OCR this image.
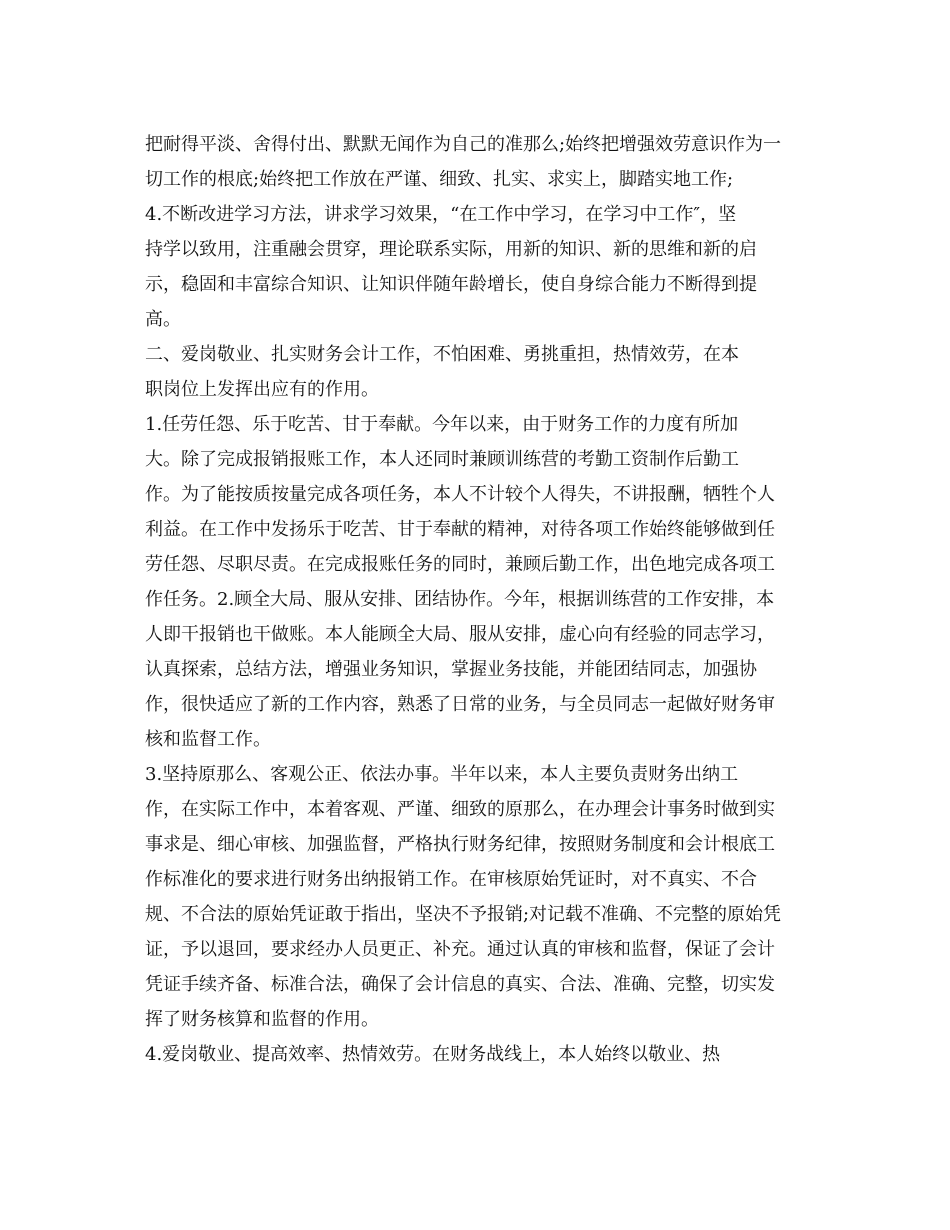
把耐得平淡、舍得付出、默默无闻作为自己的准那么;始终把增强效劳意识作为一
切工作的根底;始终把工作放在严谨、细致、扎实、求实上，脚踏实地工作;
4.不断改进学习方法，讲求学习效果，“在工作中学习，在学习中工作″，坚
持学以致用，注重融会贯穿，理论联系实际，用新的知识、新的思维和新的启
示，稳固和丰富综合知识、让知识伴随年龄增长，使自身综合能力不断得到提
高。
二、爱岗敬业、扎实财务会计工作，不怕困难、勇挑重担，热情效劳，在本
职岗位上发挥出应有的作用。
1.任劳任怨、乐于吃苦、甘于奉献。今年以来，由于财务工作的力度有所加
大。除了完成报销报账工作，本人还同时兼顾训练营的考勤工资制作后勤工
作。为了能按质按量完成各项任务，本人不计较个人得失，不讲报酬，牺牲个人
利益。在工作中发扬乐于吃苦、甘于奉献的精神，对待各项工作始终能够做到任
劳任怨、尽职尽责。在完成报账任务的同时，兼顾后勤工作，出色地完成各项工
作任务。2.顾全大局、服从安排、团结协作。今年，根据训练营的工作安排，本
人即干报销也干做账。本人能顾全大局、服从安排，虚心向有经验的同志学习，
认真探索，总结方法，增强业务知识，掌握业务技能，并能团结同志，加强协
作，很快适应了新的工作内容，熟悉了日常的业务，与全员同志一起做好财务审
核和监督工作。
3.坚持原那么、客观公正、依法办事。半年以来，本人主要负责财务出纳工
作，在实际工作中，本着客观、严谨、细致的原那么，在办理会计事务时做到实
事求是、细心审核、加强监督，严格执行财务纪律，按照财务制度和会计根底工
作标准化的要求进行财务出纳报销工作。在审核原始凭证时，对不真实、不合
规、不合法的原始凭证敢于指出，坚决不予报销;对记载不准确、不完整的原始凭
证，予以退回，要求经办人员更正、补充。通过认真的审核和监督，保证了会计
凭证手续齐备、标准合法，确保了会计信息的真实、合法、准确、完整，切实发
挥了财务核算和监督的作用。
4.爱岗敬业、提高效率、热情效劳。在财务战线上，本人始终以敬业、热
